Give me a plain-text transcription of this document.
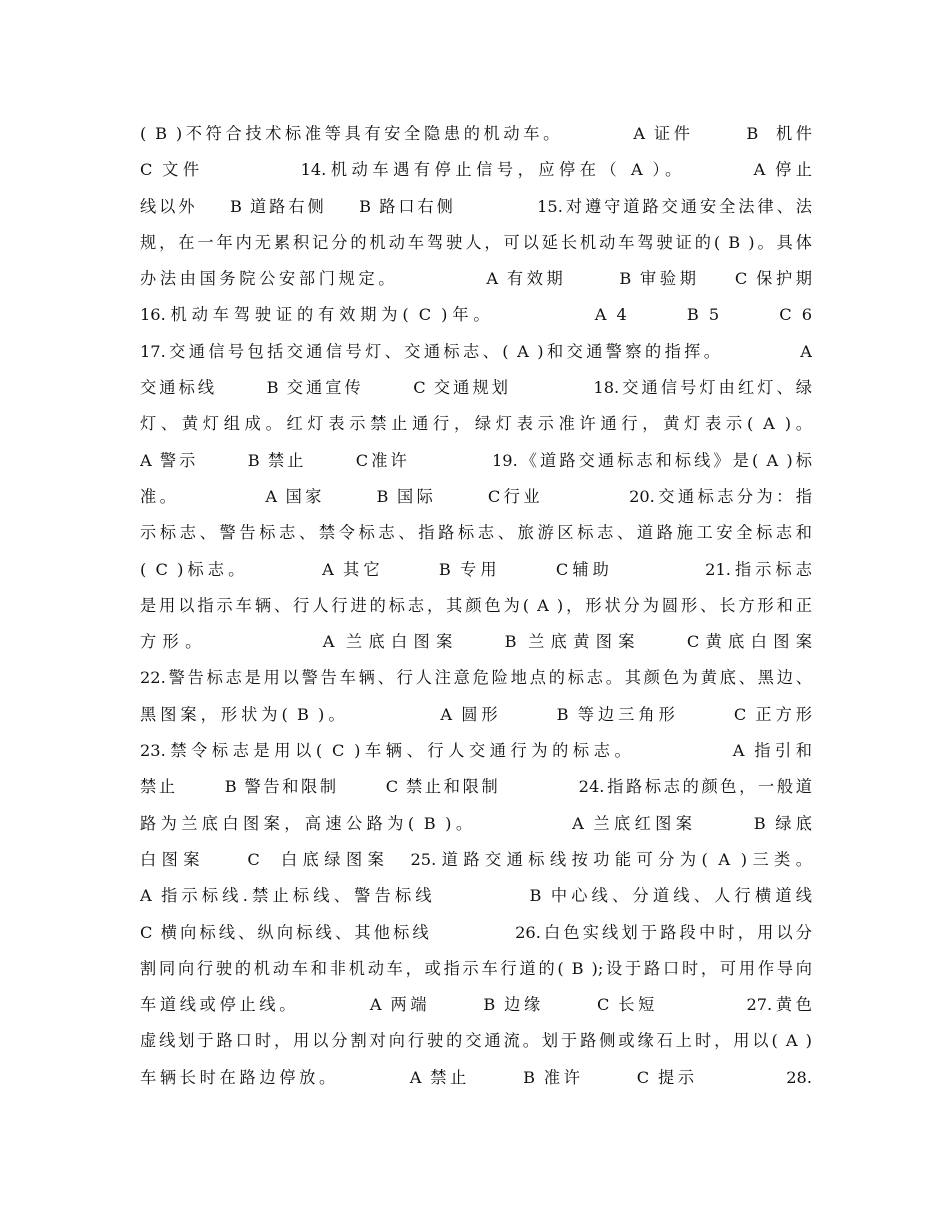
( B )不符合技术标准等具有安全隐患的机动车。        A 证件      B  机件
C 文件          14.机动车遇有停止信号，应停在（ A ）。       A 停止
线以外    B 道路右侧    B 路口右侧          15.对遵守道路交通安全法律、法
规，在一年内无累积记分的机动车驾驶人，可以延长机动车驾驶证的( B )。具体
办法由国务院公安部门规定。          A 有效期      B 审验期    C 保护期
16.机动车驾驶证的有效期为( C )年。          A 4      B 5      C 6
17.交通信号包括交通信号灯、交通标志、( A )和交通警察的指挥。         A
交通标线      B 交通宣传      C 交通规划          18.交通信号灯由红灯、绿
灯、黄灯组成。红灯表示禁止通行，绿灯表示准许通行，黄灯表示( A )。
A 警示      B 禁止      C准许          19.《道路交通标志和标线》是( A )标
准。          A 国家      B 国际      C行业          20.交通标志分为：指
示标志、警告标志、禁令标志、指路标志、旅游区标志、道路施工安全标志和
( C )标志。        A 其它      B 专用      C辅助          21.指示标志
是用以指示车辆、行人行进的标志，其颜色为( A )，形状分为圆形、长方形和正
方形。          A 兰底白图案    B 兰底黄图案    C黄底白图案
22.警告标志是用以警告车辆、行人注意危险地点的标志。其颜色为黄底、黑边、
黑图案，形状为( B )。          A 圆形      B 等边三角形      C 正方形
23.禁令标志是用以( C )车辆、行人交通行为的标志。          A 指引和
禁止      B 警告和限制      C 禁止和限制          24.指路标志的颜色，一般道
路为兰底白图案，高速公路为( B )。          A 兰底红图案      B 绿底
白图案    C  白底绿图案  25.道路交通标线按功能可分为( A )三类。
A 指示标线.禁止标线、警告标线          B 中心线、分道线、人行横道线
C 横向标线、纵向标线、其他标线          26.白色实线划于路段中时，用以分
割同向行驶的机动车和非机动车，或指示车行道的( B );设于路口时，可用作导向
车道线或停止线。        A 两端      B 边缘      C 长短          27.黄色
虚线划于路口时，用以分割对向行驶的交通流。划于路侧或缘石上时，用以( A )
车辆长时在路边停放。        A 禁止      B 准许      C 提示          28.
